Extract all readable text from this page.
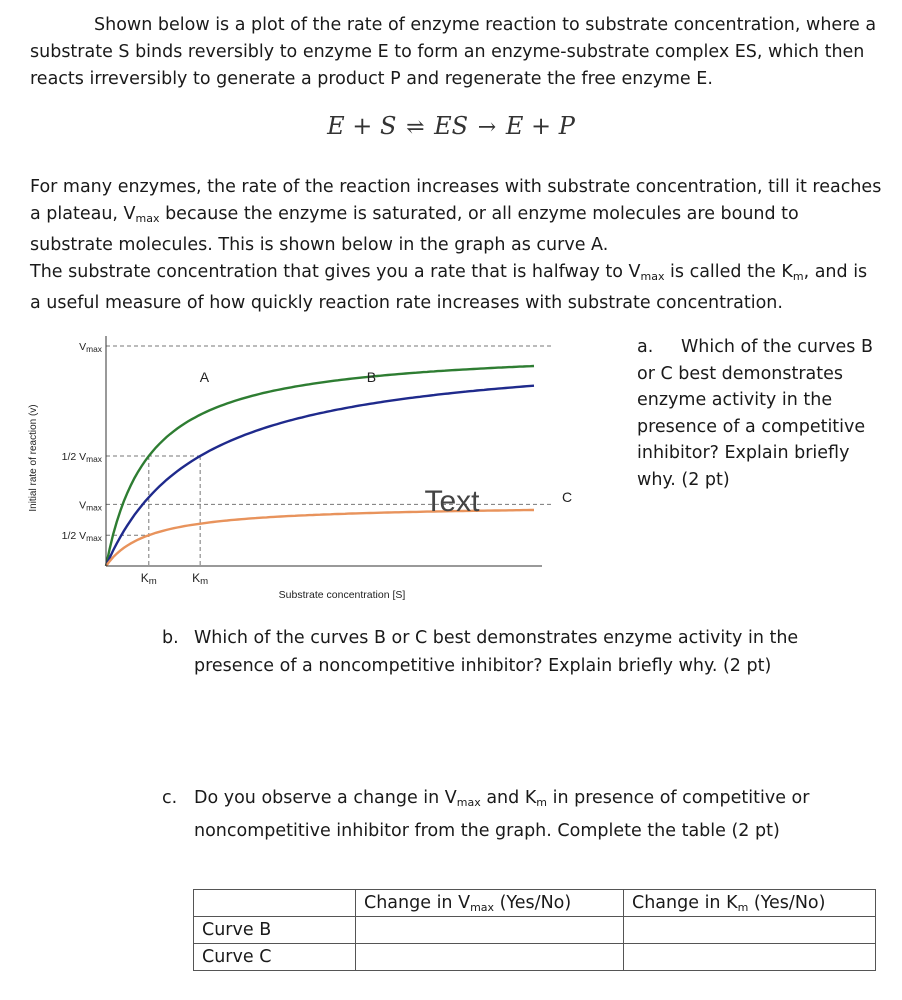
Shown below is a plot of the rate of enzyme reaction to substrate concentration, where a substrate S binds reversibly to enzyme E to form an enzyme-substrate complex ES, which then reacts irreversibly to generate a product P and regenerate the free enzyme E.

E + S ⇌ ES → E + P
For many enzymes, the rate of the reaction increases with substrate concentration, till it reaches a plateau, $V_{max}$ because the enzyme is saturated, or all enzyme molecules are bound to substrate molecules. This is shown below in the graph as curve A.
The substrate concentration that gives you a rate that is halfway to $V_{max}$ is called the $K_m$, and is a useful measure of how quickly reaction rate increases with substrate concentration.
A	B
C
Vmax
1/2 Vmax
Vmax
1/2 Vmax
Km	Km
Substrate concentration [S]
Initial rate of reaction (v)	Text
a. Which of the curves B or C best demonstrates enzyme activity in the presence of a competitive inhibitor? Explain briefly why. (2 pt)
b. Which of the curves B or C best demonstrates enzyme activity in the presence of a noncompetitive inhibitor? Explain briefly why. (2 pt)
c. Do you observe a change in $V_{max}$ and $K_m$ in presence of competitive or noncompetitive inhibitor from the graph. Complete the table (2 pt)
	Change in $V_{max}$ (Yes/No)	Change in $K_m$ (Yes/No)
Curve B		
Curve C		
